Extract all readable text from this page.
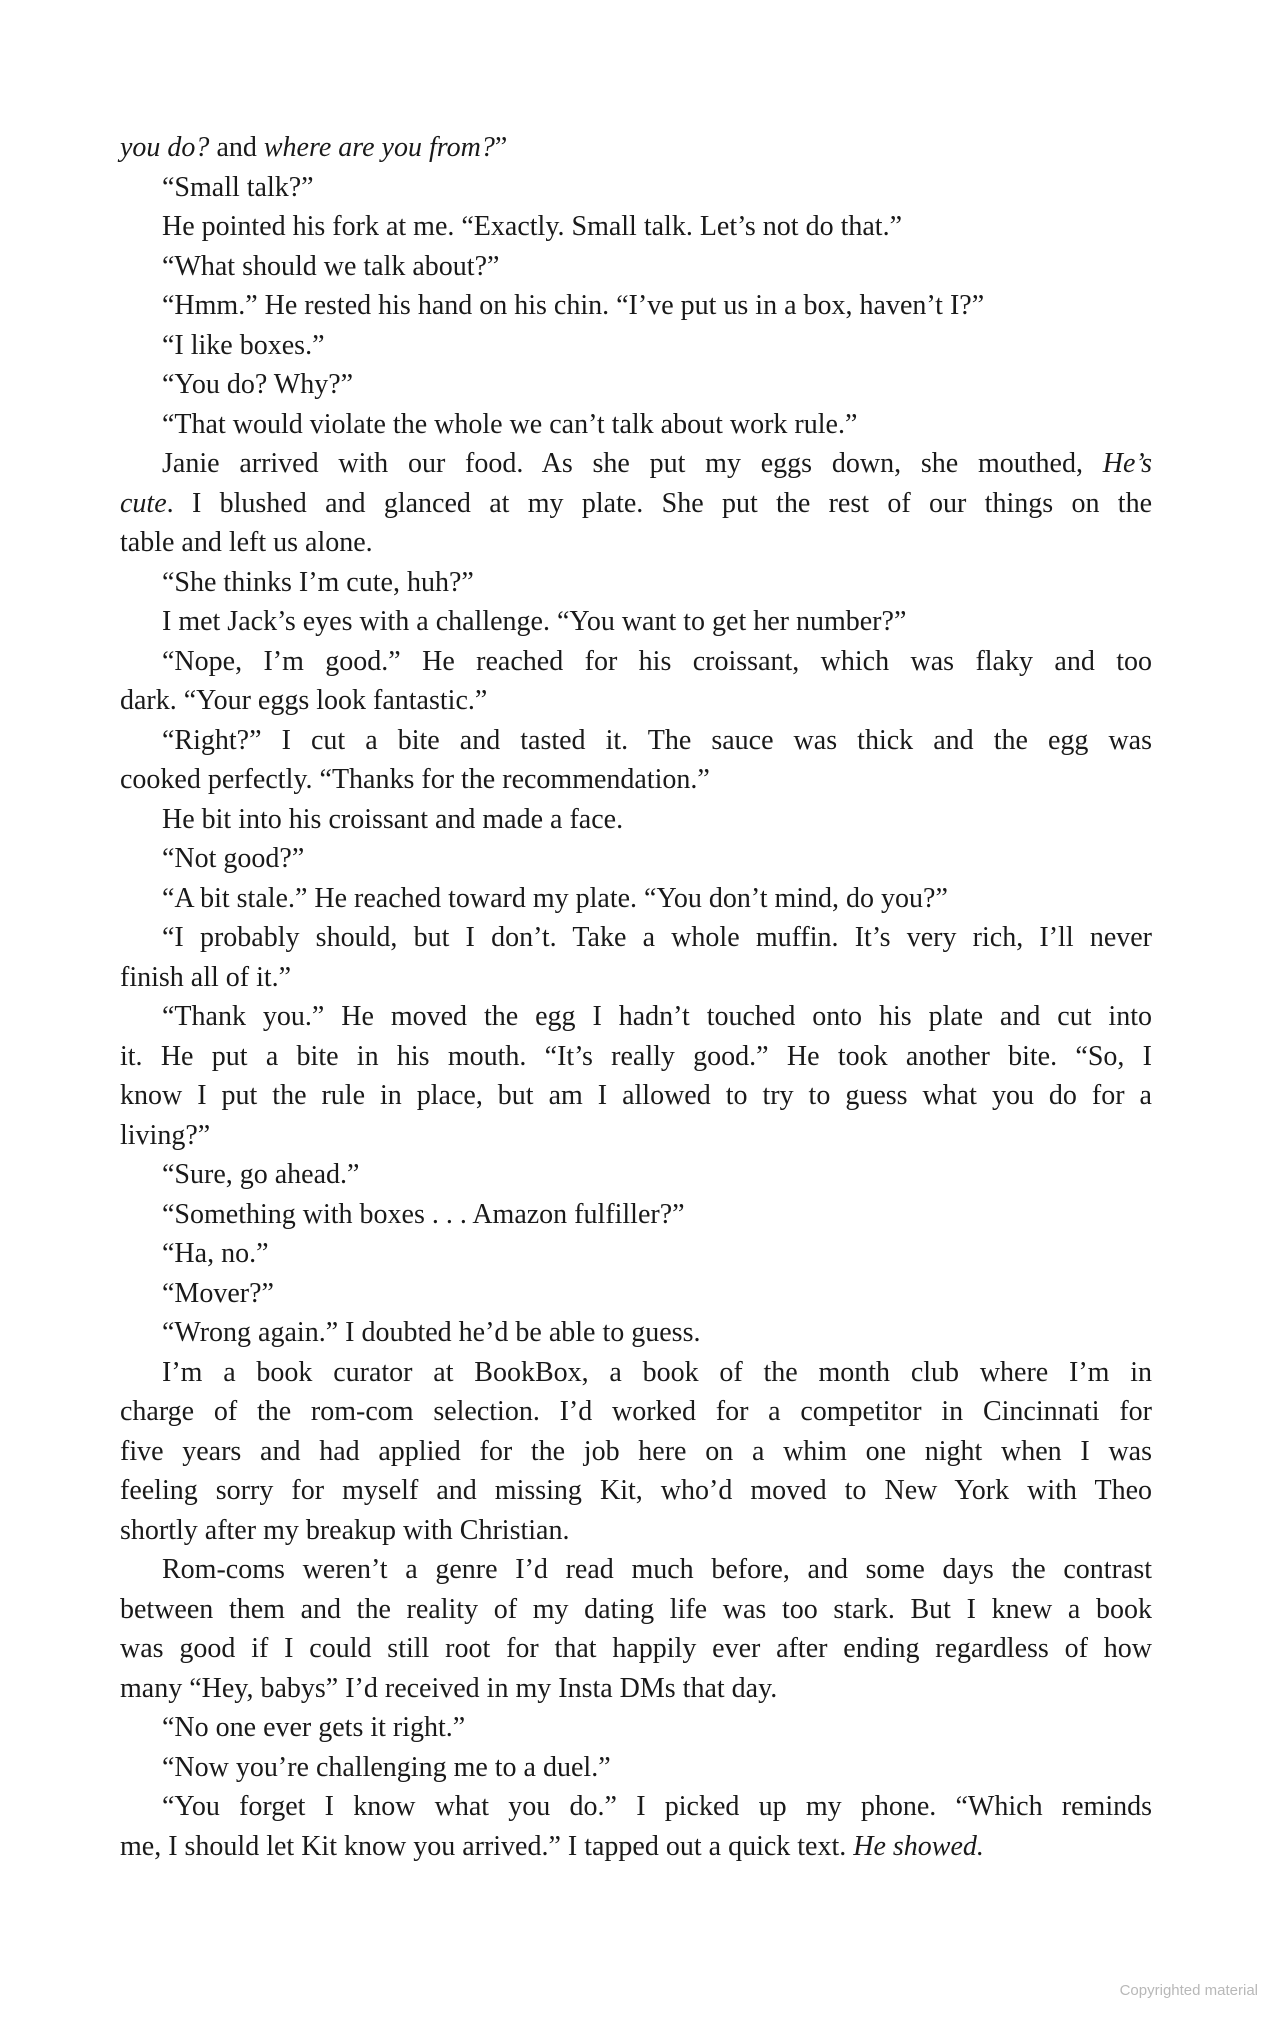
you do? and where are you from?”
“Small talk?”
He pointed his fork at me. “Exactly. Small talk. Let’s not do that.”
“What should we talk about?”
“Hmm.” He rested his hand on his chin. “I’ve put us in a box, haven’t I?”
“I like boxes.”
“You do? Why?”
“That would violate the whole we can’t talk about work rule.”
Janie arrived with our food. As she put my eggs down, she mouthed, He’s
cute. I blushed and glanced at my plate. She put the rest of our things on the
table and left us alone.
“She thinks I’m cute, huh?”
I met Jack’s eyes with a challenge. “You want to get her number?”
“Nope, I’m good.” He reached for his croissant, which was flaky and too
dark. “Your eggs look fantastic.”
“Right?” I cut a bite and tasted it. The sauce was thick and the egg was
cooked perfectly. “Thanks for the recommendation.”
He bit into his croissant and made a face.
“Not good?”
“A bit stale.” He reached toward my plate. “You don’t mind, do you?”
“I probably should, but I don’t. Take a whole muffin. It’s very rich, I’ll never
finish all of it.”
“Thank you.” He moved the egg I hadn’t touched onto his plate and cut into
it. He put a bite in his mouth. “It’s really good.” He took another bite. “So, I
know I put the rule in place, but am I allowed to try to guess what you do for a
living?”
“Sure, go ahead.”
“Something with boxes . . . Amazon fulfiller?”
“Ha, no.”
“Mover?”
“Wrong again.” I doubted he’d be able to guess.
I’m a book curator at BookBox, a book of the month club where I’m in
charge of the rom-com selection. I’d worked for a competitor in Cincinnati for
five years and had applied for the job here on a whim one night when I was
feeling sorry for myself and missing Kit, who’d moved to New York with Theo
shortly after my breakup with Christian.
Rom-coms weren’t a genre I’d read much before, and some days the contrast
between them and the reality of my dating life was too stark. But I knew a book
was good if I could still root for that happily ever after ending regardless of how
many “Hey, babys” I’d received in my Insta DMs that day.
“No one ever gets it right.”
“Now you’re challenging me to a duel.”
“You forget I know what you do.” I picked up my phone. “Which reminds
me, I should let Kit know you arrived.” I tapped out a quick text. He showed.
Copyrighted material
